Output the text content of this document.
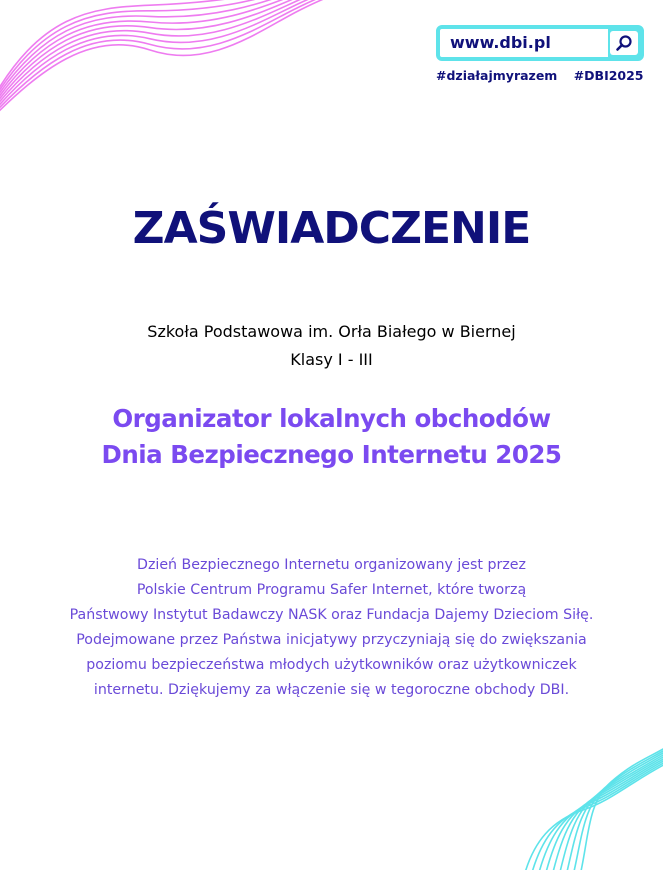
www.dbi.pl
#działajmyrazem #DBI2025
ZAŚWIADCZENIE
Szkoła Podstawowa im. Orła Białego w Biernej
Klasy I - III
Organizator lokalnych obchodów
Dnia Bezpiecznego Internetu 2025
Dzień Bezpiecznego Internetu organizowany jest przez
Polskie Centrum Programu Safer Internet, które tworzą
Państwowy Instytut Badawczy NASK oraz Fundacja Dajemy Dzieciom Siłę.
Podejmowane przez Państwa inicjatywy przyczyniają się do zwiększania
poziomu bezpieczeństwa młodych użytkowników oraz użytkowniczek
internetu. Dziękujemy za włączenie się w tegoroczne obchody DBI.
